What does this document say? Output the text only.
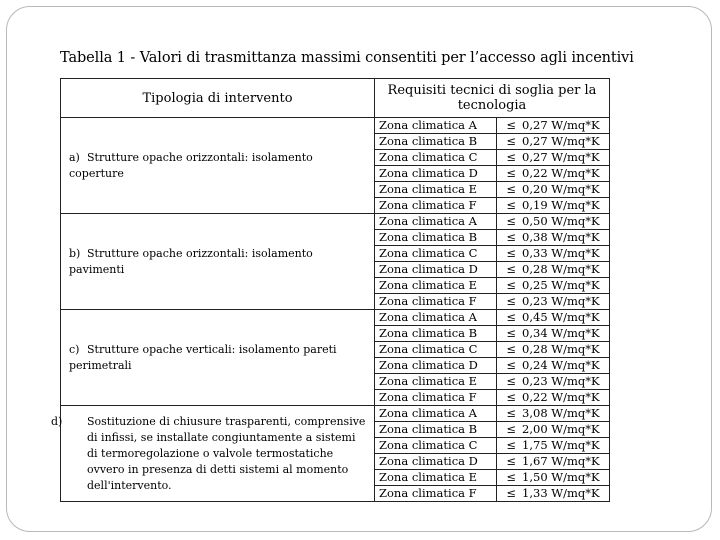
Tabella 1 - Valori di trasmittanza massimi consentiti per l’accesso agli incentivi
Tipologia di intervento	Requisiti tecnici di soglia per la tecnologia	

a) Strutture opache orizzontali: isolamento coperture	Zona climatica A	≤ 0,27 W/mq*K
	Zona climatica B	≤ 0,27 W/mq*K
	Zona climatica C	≤ 0,27 W/mq*K
	Zona climatica D	≤ 0,22 W/mq*K
	Zona climatica E	≤ 0,20 W/mq*K
	Zona climatica F	≤ 0,19 W/mq*K

b) Strutture opache orizzontali: isolamento pavimenti	Zona climatica A	≤ 0,50 W/mq*K
	Zona climatica B	≤ 0,38 W/mq*K
	Zona climatica C	≤ 0,33 W/mq*K
	Zona climatica D	≤ 0,28 W/mq*K
	Zona climatica E	≤ 0,25 W/mq*K
	Zona climatica F	≤ 0,23 W/mq*K

c) Strutture opache verticali: isolamento pareti perimetrali	Zona climatica A	≤ 0,45 W/mq*K
	Zona climatica B	≤ 0,34 W/mq*K
	Zona climatica C	≤ 0,28 W/mq*K
	Zona climatica D	≤ 0,24 W/mq*K
	Zona climatica E	≤ 0,23 W/mq*K
	Zona climatica F	≤ 0,22 W/mq*K

d) Sostituzione di chiusure trasparenti, comprensive di infissi, se installate congiuntamente a sistemi di termoregolazione o valvole termostatiche ovvero in presenza di detti sistemi al momento dell'intervento.	Zona climatica A	≤ 3,08 W/mq*K
	Zona climatica B	≤ 2,00 W/mq*K
	Zona climatica C	≤ 1,75 W/mq*K
	Zona climatica D	≤ 1,67 W/mq*K
	Zona climatica E	≤ 1,50 W/mq*K
	Zona climatica F	≤ 1,33 W/mq*K
